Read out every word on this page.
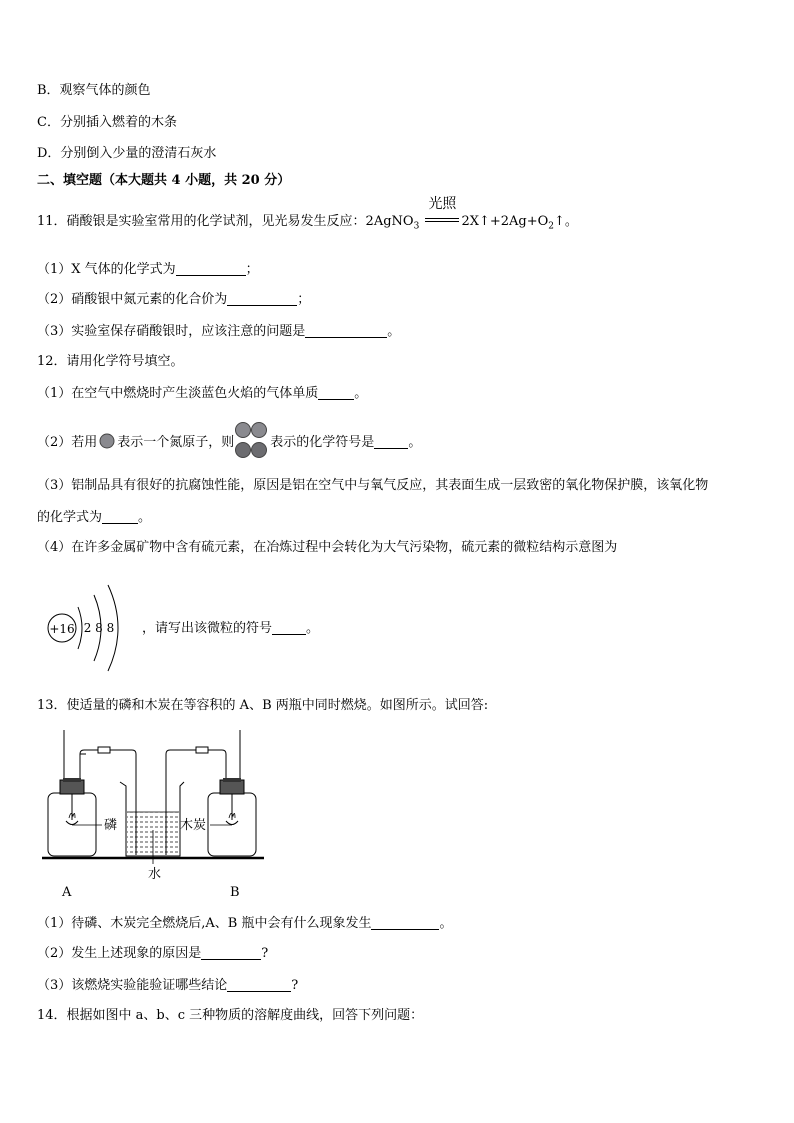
B．观察气体的颜色
C．分别插入燃着的木条
D．分别倒入少量的澄清石灰水
二、填空题（本大题共 4 小题，共 20 分）
11．硝酸银是实验室常用的化学试剂，见光易发生反应：2AgNO$_3$
光照
$2X↑+2Ag+O_2↑$。
（1）X 气体的化学式为	；
（2）硝酸银中氮元素的化合价为	；
（3）实验室保存硝酸银时，应该注意的问题是	。
12．请用化学符号填空。
（1）在空气中燃烧时产生淡蓝色火焰的气体单质	。
（2）若用 表示一个氮原子，则	表示的化学符号是	。
（3）铝制品具有很好的抗腐蚀性能，原因是铝在空气中与氧气反应，其表面生成一层致密的氧化物保护膜，该氧化物
的化学式为	。
（4）在许多金属矿物中含有硫元素，在冶炼过程中会转化为大气污染物，硫元素的微粒结构示意图为
+16 2 8 8 ，请写出该微粒的符号	。
13．使适量的磷和木炭在等容积的 A、B 两瓶中同时燃烧。如图所示。试回答:
磷	木炭
水
A	B
（1）待磷、木炭完全燃烧后,A、B 瓶中会有什么现象发生	。
（2）发生上述现象的原因是	?
（3）该燃烧实验能验证哪些结论	?
14．根据如图中 a、b、c 三种物质的溶解度曲线，回答下列问题：
